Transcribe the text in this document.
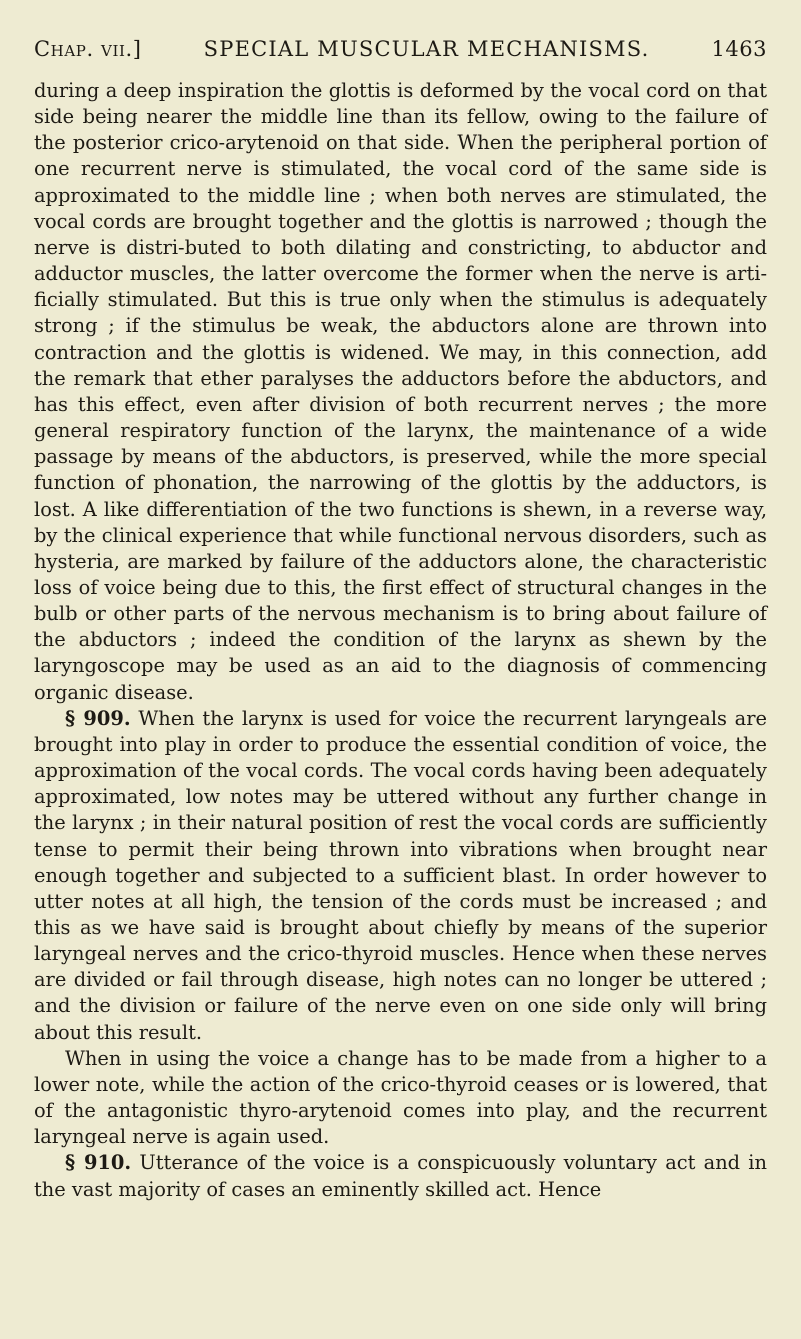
Chap. vii.]	SPECIAL MUSCULAR MECHANISMS.	1463

during a deep inspiration the glottis is deformed by the vocal cord on that side being nearer the middle line than its fellow, owing to the failure of the posterior crico-arytenoid on that side. When the peripheral portion of one recurrent nerve is stimulated, the vocal cord of the same side is approximated to the middle line ; when both nerves are stimulated, the vocal cords are brought together and the glottis is narrowed ; though the nerve is distri-buted to both dilating and constricting, to abductor and adductor muscles, the latter overcome the former when the nerve is arti-ficially stimulated. But this is true only when the stimulus is adequately strong ; if the stimulus be weak, the abductors alone are thrown into contraction and the glottis is widened. We may, in this connection, add the remark that ether paralyses the adductors before the abductors, and has this effect, even after division of both recurrent nerves ; the more general respiratory function of the larynx, the maintenance of a wide passage by means of the abductors, is preserved, while the more special function of phonation, the narrowing of the glottis by the adductors, is lost. A like differentiation of the two functions is shewn, in a reverse way, by the clinical experience that while functional nervous disorders, such as hysteria, are marked by failure of the adductors alone, the characteristic loss of voice being due to this, the first effect of structural changes in the bulb or other parts of the nervous mechanism is to bring about failure of the abductors ; indeed the condition of the larynx as shewn by the laryngoscope may be used as an aid to the diagnosis of commencing organic disease.

§ 909. When the larynx is used for voice the recurrent laryngeals are brought into play in order to produce the essential condition of voice, the approximation of the vocal cords. The vocal cords having been adequately approximated, low notes may be uttered without any further change in the larynx ; in their natural position of rest the vocal cords are sufficiently tense to permit their being thrown into vibrations when brought near enough together and subjected to a sufficient blast. In order however to utter notes at all high, the tension of the cords must be increased ; and this as we have said is brought about chiefly by means of the superior laryngeal nerves and the crico-thyroid muscles. Hence when these nerves are divided or fail through disease, high notes can no longer be uttered ; and the division or failure of the nerve even on one side only will bring about this result.

When in using the voice a change has to be made from a higher to a lower note, while the action of the crico-thyroid ceases or is lowered, that of the antagonistic thyro-arytenoid comes into play, and the recurrent laryngeal nerve is again used.

§ 910. Utterance of the voice is a conspicuously voluntary act and in the vast majority of cases an eminently skilled act. Hence
